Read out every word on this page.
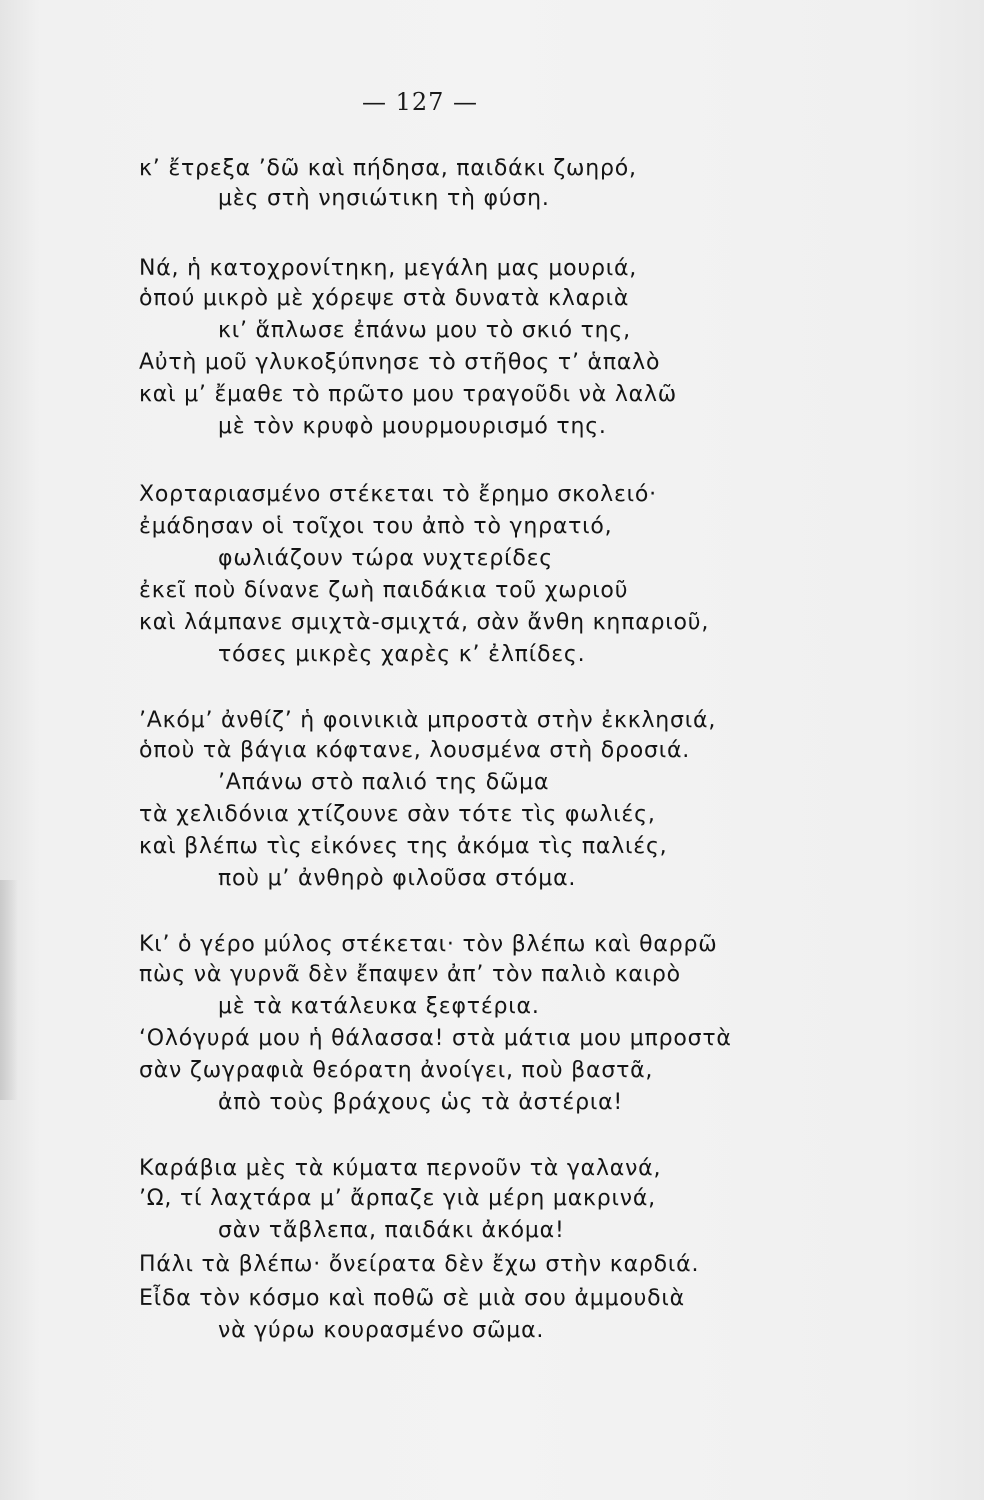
— 127 —
κ’ ἔτρεξα ’δῶ καὶ πήδησα, παιδάκι ζωηρό,
μὲς στὴ νησιώτικη τὴ φύση.
Νά, ἡ κατοχρονίτηκη, μεγάλη μας μουριά,
ὁπού μικρὸ μὲ χόρεψε στὰ δυνατὰ κλαριὰ
κι’ ἅπλωσε ἐπάνω μου τὸ σκιό της,
Αὐτὴ μοῦ γλυκοξύπνησε τὸ στῆθος τ’ ἁπαλὸ
καὶ μ’ ἔμαθε τὸ πρῶτο μου τραγοῦδι νὰ λαλῶ
μὲ τὸν κρυφὸ μουρμουρισμό της.
Χορταριασμένο στέκεται τὸ ἔρημο σκολειό·
ἐμάδησαν οἱ τοῖχοι του ἀπὸ τὸ γηρατιό,
φωλιάζουν τώρα νυχτερίδες
ἐκεῖ ποὺ δίνανε ζωὴ παιδάκια τοῦ χωριοῦ
καὶ λάμπανε σμιχτὰ-σμιχτά, σὰν ἄνθη κηπαριοῦ,
τόσες μικρὲς χαρὲς κ’ ἐλπίδες.
’Ακόμ’ ἀνθίζ’ ἡ φοινικιὰ μπροστὰ στὴν ἐκκλησιά,
ὁποὺ τὰ βάγια κόφτανε, λουσμένα στὴ δροσιά.
’Απάνω στὸ παλιό της δῶμα
τὰ χελιδόνια χτίζουνε σὰν τότε τὶς φωλιές,
καὶ βλέπω τὶς εἰκόνες της ἀκόμα τὶς παλιές,
ποὺ μ’ ἀνθηρὸ φιλοῦσα στόμα.
Κι’ ὁ γέρο μύλος στέκεται· τὸν βλέπω καὶ θαρρῶ
πὼς νὰ γυρνᾶ δὲν ἔπαψεν ἀπ’ τὸν παλιὸ καιρὸ
μὲ τὰ κατάλευκα ξεφτέρια.
‘Ολόγυρά μου ἡ θάλασσα! στὰ μάτια μου μπροστὰ
σὰν ζωγραφιὰ θεόρατη ἀνοίγει, ποὺ βαστᾶ,
ἀπὸ τοὺς βράχους ὡς τὰ ἀστέρια!
Καράβια μὲς τὰ κύματα περνοῦν τὰ γαλανά,
’Ω, τί λαχτάρα μ’ ἄρπαζε γιὰ μέρη μακρινά,
σὰν τἄβλεπα, παιδάκι ἀκόμα!
Πάλι τὰ βλέπω· ὄνείρατα δὲν ἔχω στὴν καρδιά.
Εἶδα τὸν κόσμο καὶ ποθῶ σὲ μιὰ σου ἀμμουδιὰ
νὰ γύρω κουρασμένο σῶμα.
